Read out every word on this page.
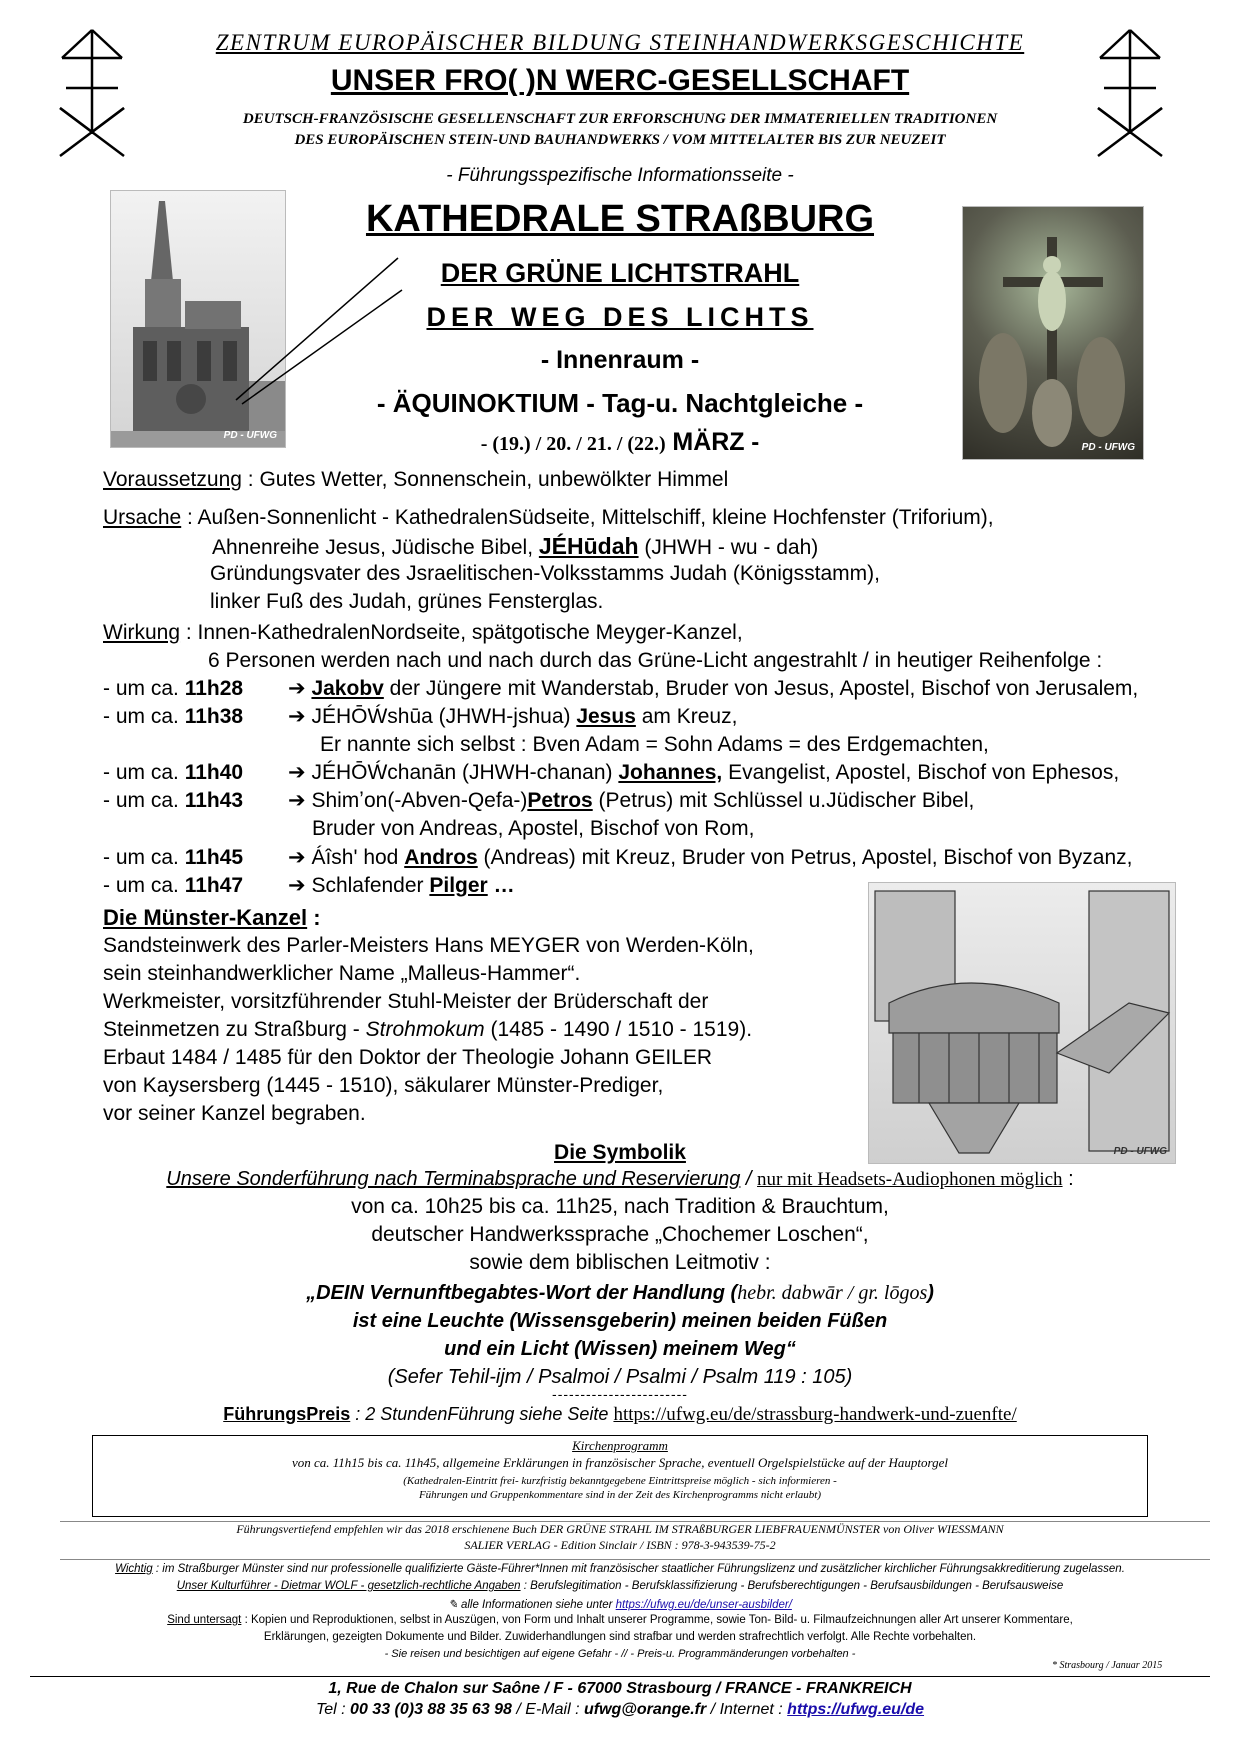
ZENTRUM EUROPÄISCHER BILDUNG STEINHANDWERKSGESCHICHTE
UNSER FRO( )N WERC-GESELLSCHAFT
DEUTSCH-FRANZÖSISCHE GESELLENSCHAFT ZUR ERFORSCHUNG DER IMMATERIELLEN TRADITIONEN
DES EUROPÄISCHEN STEIN-UND BAUHANDWERKS / VOM MITTELALTER BIS ZUR NEUZEIT
- Führungsspezifische Informationsseite -
PD - UFWG
PD - UFWG
KATHEDRALE STRAßBURG
DER GRÜNE LICHTSTRAHL
DER WEG DES LICHTS
- Innenraum -
- ÄQUINOKTIUM - Tag-u. Nachtgleiche -
- (19.) / 20. / 21. / (22.) MÄRZ -
Voraussetzung : Gutes Wetter, Sonnenschein, unbewölkter Himmel
Ursache : Außen-Sonnenlicht - KathedralenSüdseite, Mittelschiff, kleine Hochfenster (Triforium),
Ahnenreihe Jesus, Jüdische Bibel, JÉHūdah (JHWH - wu - dah)
Gründungsvater des Jsraelitischen-Volksstamms Judah (Königsstamm),
linker Fuß des Judah, grünes Fensterglas.
Wirkung : Innen-KathedralenNordseite, spätgotische Meyger-Kanzel,
6 Personen werden nach und nach durch das Grüne-Licht angestrahlt / in heutiger Reihenfolge :
- um ca. 11h28 ➔ Jakobv der Jüngere mit Wanderstab, Bruder von Jesus, Apostel, Bischof von Jerusalem,
- um ca. 11h38 ➔ JÉHŌẂshūa (JHWH-jshua) Jesus am Kreuz,
Er nannte sich selbst : Bven Adam = Sohn Adams = des Erdgemachten,
- um ca. 11h40 ➔ JÉHŌẂchanān (JHWH-chanan) Johannes, Evangelist, Apostel, Bischof von Ephesos,
- um ca. 11h43 ➔ Shimʼon(-Abven-Qefa-)Petros (Petrus) mit Schlüssel u.Jüdischer Bibel,
Bruder von Andreas, Apostel, Bischof von Rom,
- um ca. 11h45 ➔ Áîsh' hod Andros (Andreas) mit Kreuz, Bruder von Petrus, Apostel, Bischof von Byzanz,
- um ca. 11h47 ➔ Schlafender Pilger …
PD - UFWG
Die Münster-Kanzel :
Sandsteinwerk des Parler-Meisters Hans MEYGER von Werden-Köln,
sein steinhandwerklicher Name „Malleus-Hammer“.
Werkmeister, vorsitzführender Stuhl-Meister der Brüderschaft der
Steinmetzen zu Straßburg - Strohmokum (1485 - 1490 / 1510 - 1519).
Erbaut 1484 / 1485 für den Doktor der Theologie Johann GEILER
von Kaysersberg (1445 - 1510), säkularer Münster-Prediger,
vor seiner Kanzel begraben.
Die Symbolik
Unsere Sonderführung nach Terminabsprache und Reservierung / nur mit Headsets-Audiophonen möglich :
von ca. 10h25 bis ca. 11h25, nach Tradition & Brauchtum,
deutscher Handwerkssprache „Chochemer Loschen“,
sowie dem biblischen Leitmotiv :
„DEIN Vernunftbegabtes-Wort der Handlung (hebr. dabwār / gr. lōgos)
ist eine Leuchte (Wissensgeberin) meinen beiden Füßen
und ein Licht (Wissen) meinem Weg“
(Sefer Tehil-ijm / Psalmoi / Psalmi / Psalm 119 : 105)
------------------------
FührungsPreis : 2 StundenFührung siehe Seite https://ufwg.eu/de/strassburg-handwerk-und-zuenfte/
Kirchenprogramm
von ca. 11h15 bis ca. 11h45, allgemeine Erklärungen in französischer Sprache, eventuell Orgelspielstücke auf der Hauptorgel
(Kathedralen-Eintritt frei- kurzfristig bekanntgegebene Eintrittspreise möglich - sich informieren -
Führungen und Gruppenkommentare sind in der Zeit des Kirchenprogramms nicht erlaubt)
Führungsvertiefend empfehlen wir das 2018 erschienene Buch DER GRÜNE STRAHL IM STRAßBURGER LIEBFRAUENMÜNSTER von Oliver WIESSMANN
SALIER VERLAG - Edition Sinclair / ISBN : 978-3-943539-75-2
Wichtig : im Straßburger Münster sind nur professionelle qualifizierte Gäste-Führer*Innen mit französischer staatlicher Führungslizenz und zusätzlicher kirchlicher Führungsakkreditierung zugelassen.
Unser Kulturführer - Dietmar WOLF - gesetzlich-rechtliche Angaben : Berufslegitimation - Berufsklassifizierung - Berufsberechtigungen - Berufsausbildungen - Berufsausweise
✎ alle Informationen siehe unter https://ufwg.eu/de/unser-ausbilder/
Sind untersagt : Kopien und Reproduktionen, selbst in Auszügen, von Form und Inhalt unserer Programme, sowie Ton- Bild- u. Filmaufzeichnungen aller Art unserer Kommentare,
Erklärungen, gezeigten Dokumente und Bilder. Zuwiderhandlungen sind strafbar und werden strafrechtlich verfolgt. Alle Rechte vorbehalten.
- Sie reisen und besichtigen auf eigene Gefahr - // - Preis-u. Programmänderungen vorbehalten -
* Strasbourg / Januar 2015
1, Rue de Chalon sur Saône / F - 67000 Strasbourg / FRANCE - FRANKREICH
Tel : 00 33 (0)3 88 35 63 98 / E-Mail : ufwg@orange.fr / Internet : https://ufwg.eu/de
